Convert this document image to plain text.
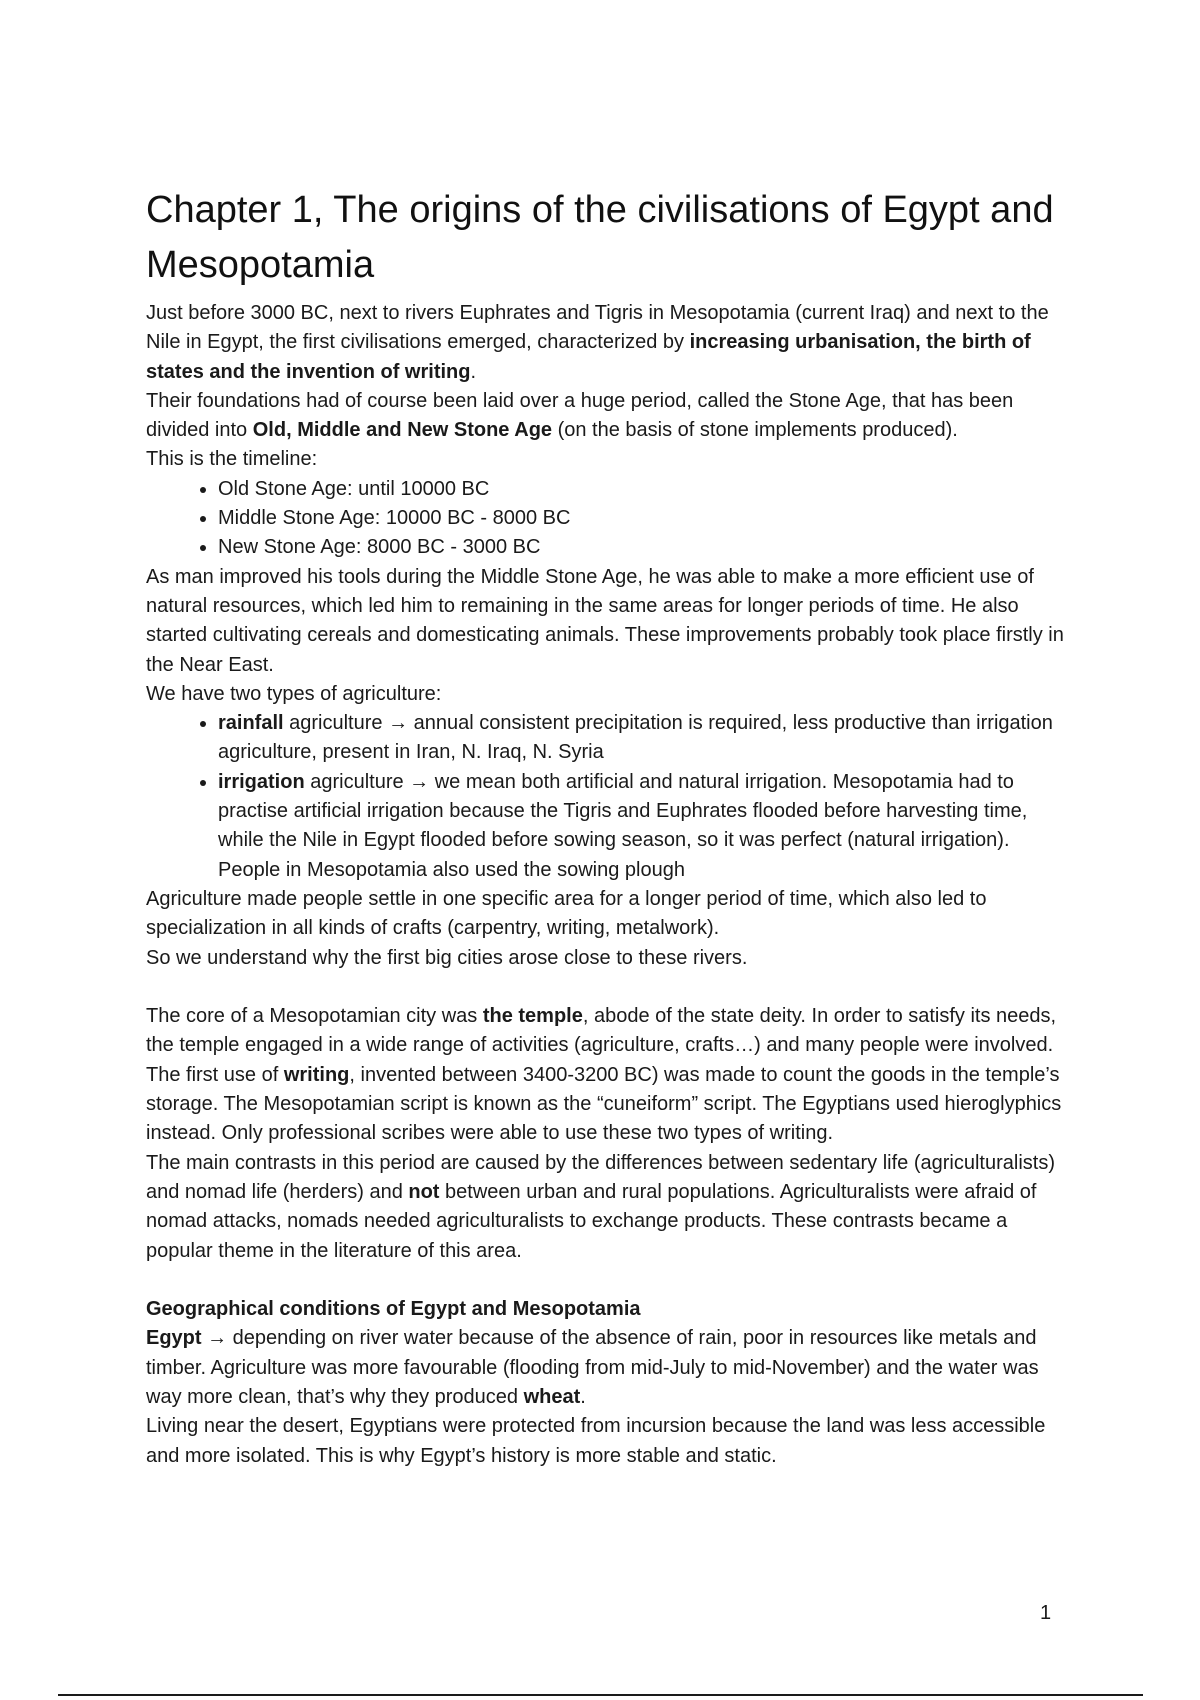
Chapter 1, The origins of the civilisations of Egypt and Mesopotamia

Just before 3000 BC, next to rivers Euphrates and Tigris in Mesopotamia (current Iraq) and next to the Nile in Egypt, the first civilisations emerged, characterized by increasing urbanisation, the birth of states and the invention of writing.

Their foundations had of course been laid over a huge period, called the Stone Age, that has been divided into Old, Middle and New Stone Age (on the basis of stone implements produced).

This is the timeline:

• Old Stone Age: until 10000 BC
• Middle Stone Age: 10000 BC - 8000 BC
• New Stone Age: 8000 BC - 3000 BC

As man improved his tools during the Middle Stone Age, he was able to make a more efficient use of natural resources, which led him to remaining in the same areas for longer periods of time. He also started cultivating cereals and domesticating animals. These improvements probably took place firstly in the Near East.

We have two types of agriculture:

• rainfall agriculture → annual consistent precipitation is required, less productive than irrigation agriculture, present in Iran, N. Iraq, N. Syria
• irrigation agriculture → we mean both artificial and natural irrigation. Mesopotamia had to practise artificial irrigation because the Tigris and Euphrates flooded before harvesting time, while the Nile in Egypt flooded before sowing season, so it was perfect (natural irrigation). People in Mesopotamia also used the sowing plough

Agriculture made people settle in one specific area for a longer period of time, which also led to specialization in all kinds of crafts (carpentry, writing, metalwork).

So we understand why the first big cities arose close to these rivers.

The core of a Mesopotamian city was the temple, abode of the state deity. In order to satisfy its needs, the temple engaged in a wide range of activities (agriculture, crafts…) and many people were involved. The first use of writing, invented between 3400-3200 BC) was made to count the goods in the temple’s storage. The Mesopotamian script is known as the “cuneiform” script. The Egyptians used hieroglyphics instead. Only professional scribes were able to use these two types of writing.

The main contrasts in this period are caused by the differences between sedentary life (agriculturalists) and nomad life (herders) and not between urban and rural populations. Agriculturalists were afraid of nomad attacks, nomads needed agriculturalists to exchange products. These contrasts became a popular theme in the literature of this area.

Geographical conditions of Egypt and Mesopotamia

Egypt → depending on river water because of the absence of rain, poor in resources like metals and timber. Agriculture was more favourable (flooding from mid-July to mid-November) and the water was way more clean, that’s why they produced wheat.

Living near the desert, Egyptians were protected from incursion because the land was less accessible and more isolated. This is why Egypt’s history is more stable and static.

1
